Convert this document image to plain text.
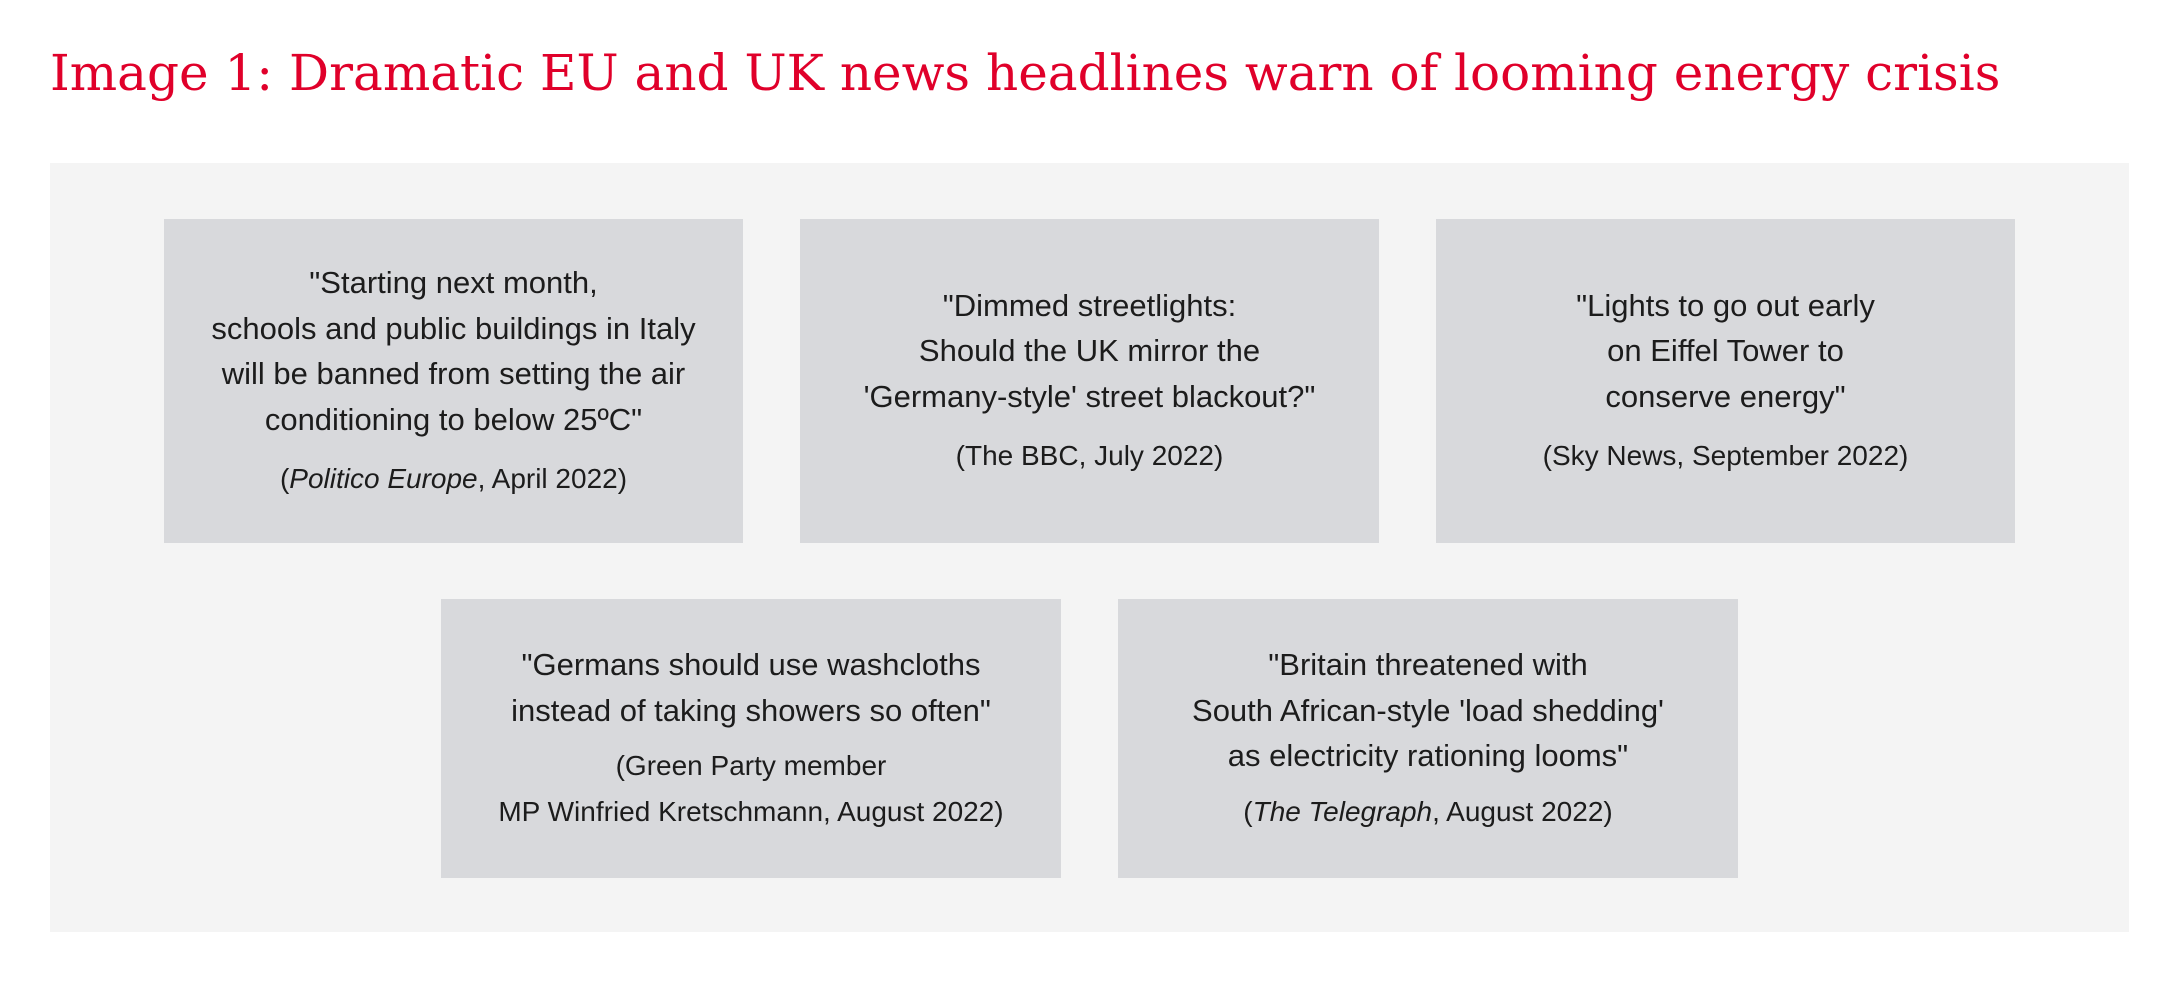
Image 1: Dramatic EU and UK news headlines warn of looming energy crisis
"Starting next month,
schools and public buildings in Italy
will be banned from setting the air
conditioning to below 25ºC"
(Politico Europe, April 2022)
"Dimmed streetlights:
Should the UK mirror the
'Germany-style' street blackout?"
(The BBC, July 2022)
"Lights to go out early
on Eiffel Tower to
conserve energy"
(Sky News, September 2022)
"Germans should use washcloths
instead of taking showers so often"
(Green Party member
MP Winfried Kretschmann, August 2022)
"Britain threatened with
South African-style 'load shedding'
as electricity rationing looms"
(The Telegraph, August 2022)
